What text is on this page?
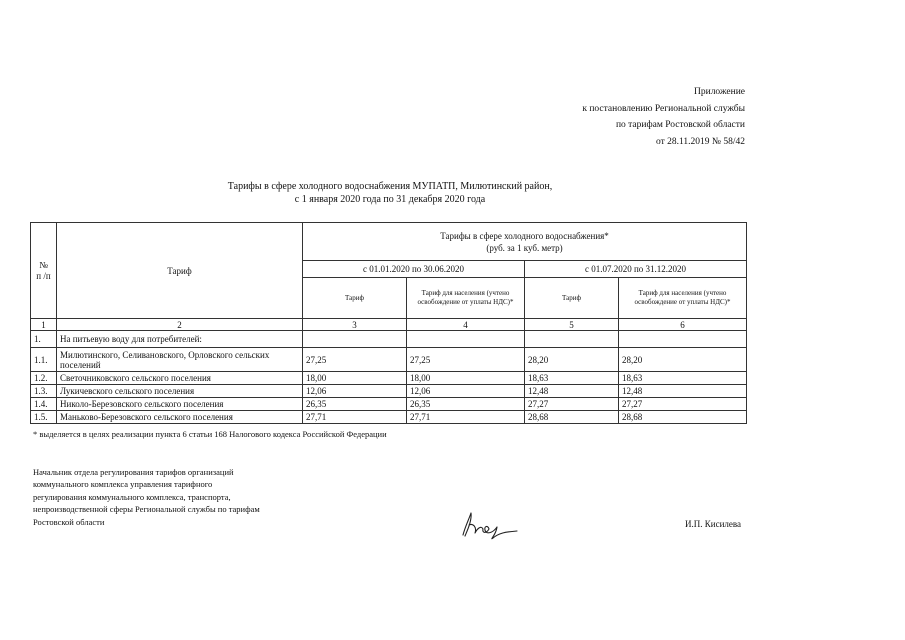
Приложение
к постановлению Региональной службы
по тарифам Ростовской области
от 28.11.2019 № 58/42
Тарифы в сфере холодного водоснабжения МУПАТП, Милютинский район,
с 1 января 2020 года по 31 декабря 2020 года
№
п /п	Тариф	Тарифы в сфере холодного водоснабжения*
(руб. за 1 куб. метр)			
		с 01.01.2020 по 30.06.2020		с 01.07.2020 по 31.12.2020	
		Тариф	Тариф для населения (учтено освобождение от уплаты НДС)*	Тариф	Тариф для населения (учтено освобождение от уплаты НДС)*
1	2	3	4	5	6
1.	На питьевую воду для потребителей:				
1.1.	Милютинского, Селивановского, Орловского сельских поселений	27,25	27,25	28,20	28,20
1.2.	Светочниковского сельского поселения	18,00	18,00	18,63	18,63
1.3.	Лукичевского сельского поселения	12,06	12,06	12,48	12,48
1.4.	Николо-Березовского сельского поселения	26,35	26,35	27,27	27,27
1.5.	Маньково-Березовского сельского поселения	27,71	27,71	28,68	28,68
* выделяется в целях реализации пункта 6 статьи 168 Налогового кодекса Российской Федерации
Начальник отдела регулирования тарифов организаций
коммунального комплекса управления тарифного
регулирования коммунального комплекса, транспорта,
непроизводственной сферы Региональной службы по тарифам
Ростовской области	И.П. Кисилева
